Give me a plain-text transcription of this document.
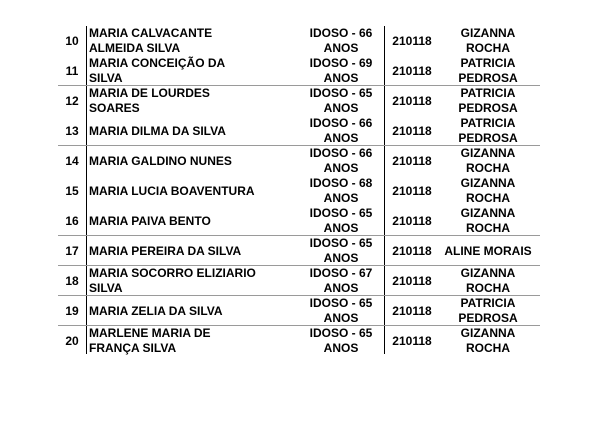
10
MARIA CALVACANTE
ALMEIDA SILVA
IDOSO - 66
ANOS
210118
GIZANNA
ROCHA
11
MARIA CONCEIÇÃO DA
SILVA
IDOSO - 69
ANOS
210118
PATRICIA
PEDROSA
12
MARIA DE LOURDES
SOARES
IDOSO - 65
ANOS
210118
PATRICIA
PEDROSA
13 MARIA DILMA DA SILVA
IDOSO - 66
ANOS
210118
PATRICIA
PEDROSA
14 MARIA GALDINO NUNES
IDOSO - 66
ANOS
210118
GIZANNA
ROCHA
15 MARIA LUCIA BOAVENTURA
IDOSO - 68
ANOS
210118
GIZANNA
ROCHA
16 MARIA PAIVA BENTO
IDOSO - 65
ANOS
210118
GIZANNA
ROCHA
17 MARIA PEREIRA DA SILVA
IDOSO - 65
ANOS
210118	ALINE MORAIS
18
MARIA SOCORRO ELIZIARIO
SILVA
IDOSO - 67
ANOS
210118
GIZANNA
ROCHA
19 MARIA ZELIA DA SILVA
IDOSO - 65
ANOS
210118
PATRICIA
PEDROSA
20
MARLENE MARIA DE
FRANÇA SILVA
IDOSO - 65
ANOS
210118
GIZANNA
ROCHA
